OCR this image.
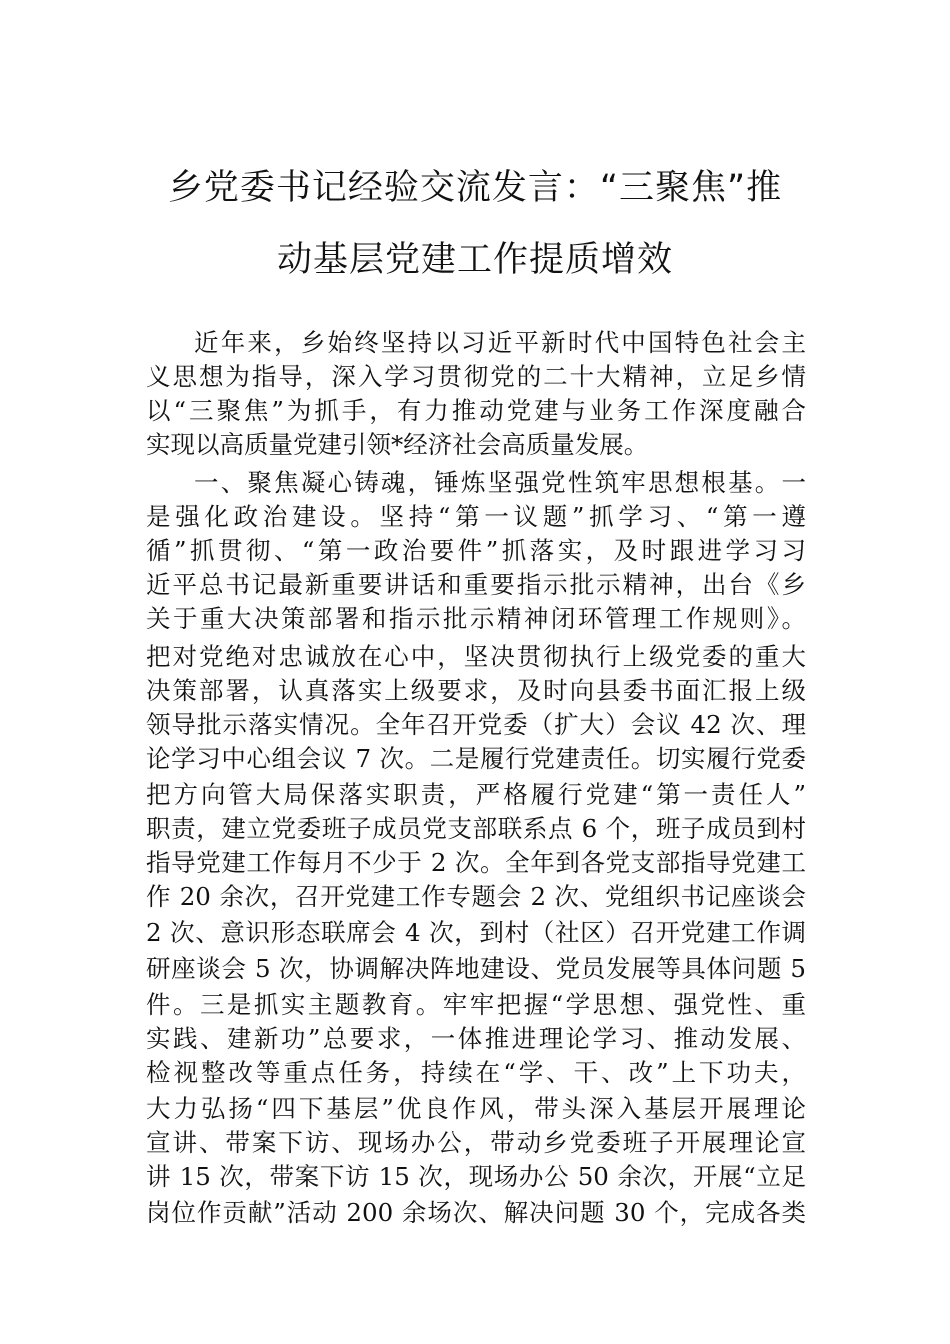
乡党委书记经验交流发言：“三聚焦”推
动基层党建工作提质增效
近年来，乡始终坚持以习近平新时代中国特色社会主
义思想为指导，深入学习贯彻党的二十大精神，立足乡情
以“三聚焦”为抓手，有力推动党建与业务工作深度融合
实现以高质量党建引领*经济社会高质量发展。
一、聚焦凝心铸魂，锤炼坚强党性筑牢思想根基。一
是强化政治建设。坚持“第一议题”抓学习、“第一遵
循”抓贯彻、“第一政治要件”抓落实，及时跟进学习习
近平总书记最新重要讲话和重要指示批示精神，出台《乡
关于重大决策部署和指示批示精神闭环管理工作规则》。
把对党绝对忠诚放在心中，坚决贯彻执行上级党委的重大
决策部署，认真落实上级要求，及时向县委书面汇报上级
领导批示落实情况。全年召开党委（扩大）会议 42 次、理
论学习中心组会议 7 次。二是履行党建责任。切实履行党委
把方向管大局保落实职责，严格履行党建“第一责任人”
职责，建立党委班子成员党支部联系点 6 个，班子成员到村
指导党建工作每月不少于 2 次。全年到各党支部指导党建工
作 20 余次，召开党建工作专题会 2 次、党组织书记座谈会
2 次、意识形态联席会 4 次，到村（社区）召开党建工作调
研座谈会 5 次，协调解决阵地建设、党员发展等具体问题 5
件。三是抓实主题教育。牢牢把握“学思想、强党性、重
实践、建新功”总要求，一体推进理论学习、推动发展、
检视整改等重点任务，持续在“学、干、改”上下功夫，
大力弘扬“四下基层”优良作风，带头深入基层开展理论
宣讲、带案下访、现场办公，带动乡党委班子开展理论宣
讲 15 次，带案下访 15 次，现场办公 50 余次，开展“立足
岗位作贡献”活动 200 余场次、解决问题 30 个，完成各类
